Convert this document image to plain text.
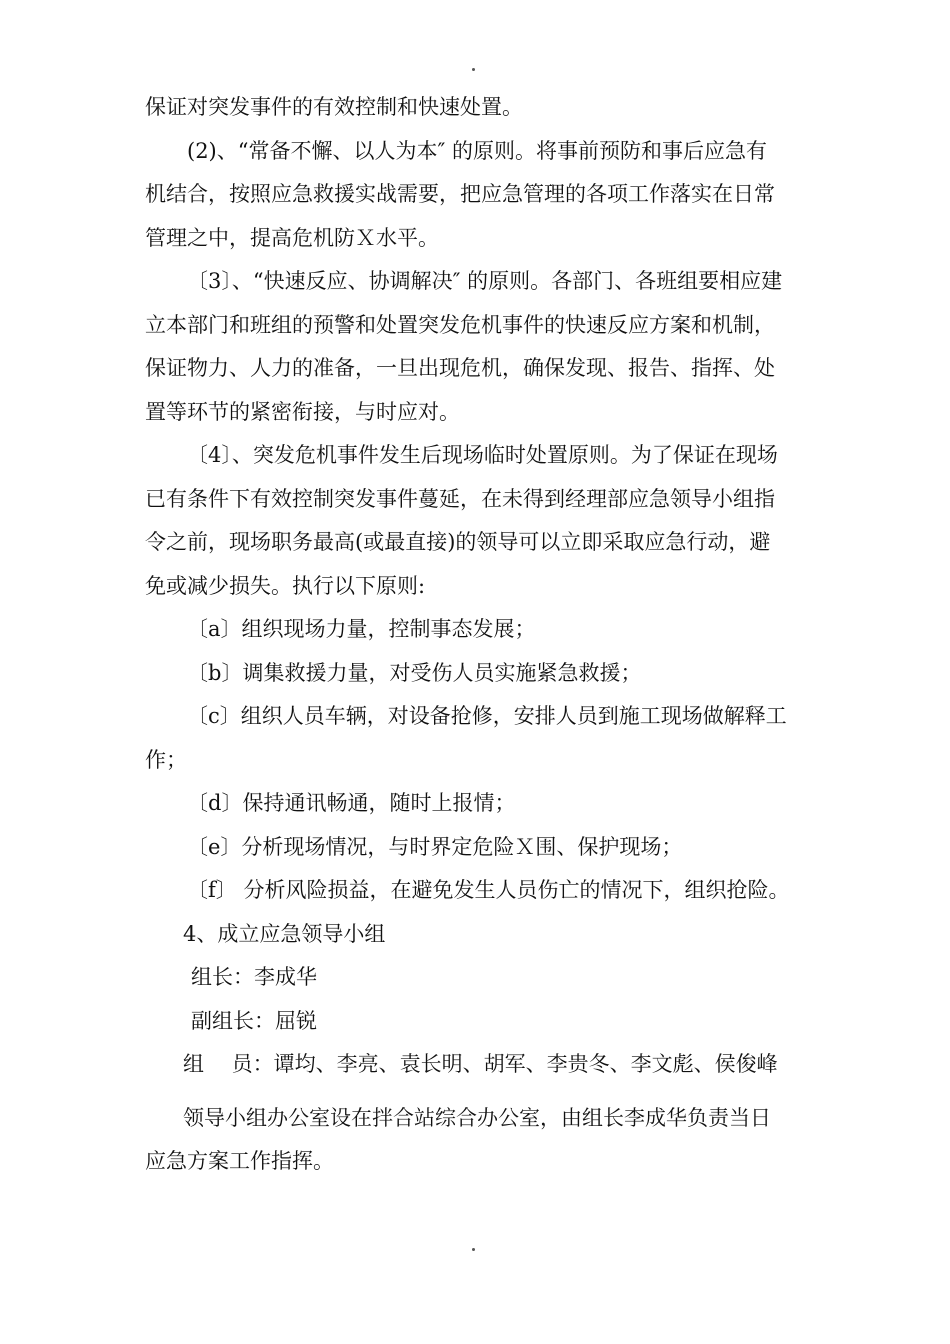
保证对突发事件的有效控制和快速处置。
(2)、“常备不懈、以人为本″ 的原则。将事前预防和事后应急有
机结合，按照应急救援实战需要，把应急管理的各项工作落实在日常
管理之中，提高危机防Ｘ水平。
〔3〕、“快速反应、协调解决″ 的原则。各部门、各班组要相应建
立本部门和班组的预警和处置突发危机事件的快速反应方案和机制，
保证物力、人力的准备，一旦出现危机，确保发现、报告、指挥、处
置等环节的紧密衔接，与时应对。
〔4〕、突发危机事件发生后现场临时处置原则。为了保证在现场
已有条件下有效控制突发事件蔓延，在未得到经理部应急领导小组指
令之前，现场职务最高(或最直接)的领导可以立即采取应急行动，避
免或减少损失。执行以下原则:
〔a〕组织现场力量，控制事态发展；
〔b〕调集救援力量，对受伤人员实施紧急救援；
〔c〕组织人员车辆，对设备抢修，安排人员到施工现场做解释工
作；
〔d〕保持通讯畅通，随时上报情；
〔e〕分析现场情况，与时界定危险Ｘ围、保护现场；
〔f〕 分析风险损益，在避免发生人员伤亡的情况下，组织抢险。
4、成立应急领导小组
组长：李成华
副组长：屈锐
组　 员：谭均、李亮、袁长明、胡军、李贵冬、李文彪、侯俊峰
领导小组办公室设在拌合站综合办公室，由组长李成华负责当日
应急方案工作指挥。
